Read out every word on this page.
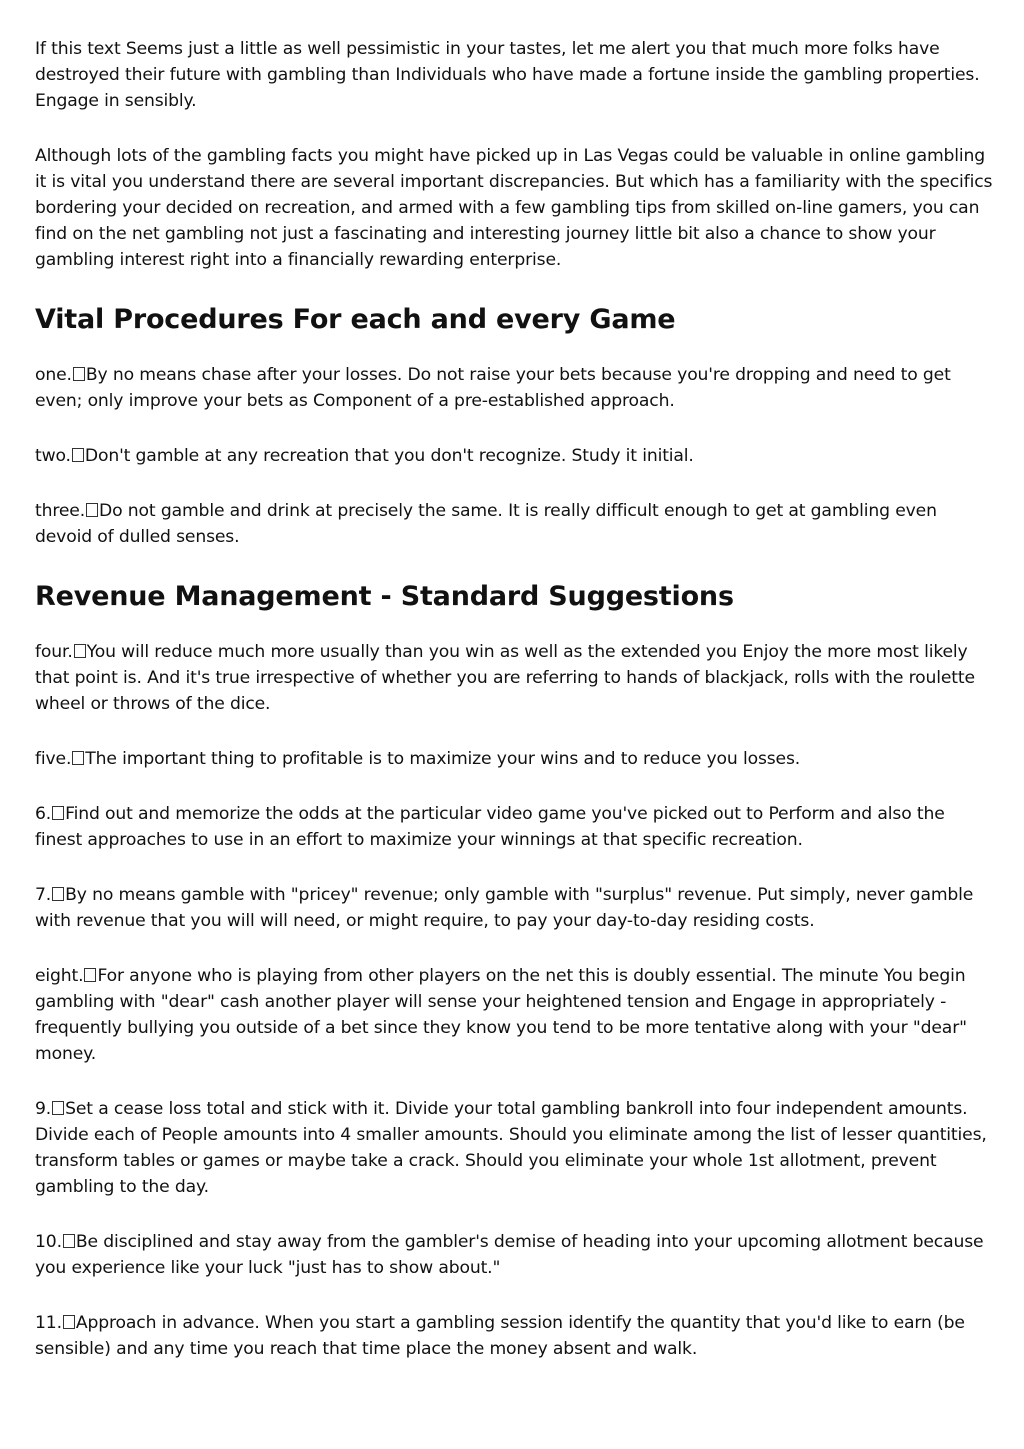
If this text Seems just a little as well pessimistic in your tastes, let me alert you that much more folks have destroyed their future with gambling than Individuals who have made a fortune inside the gambling properties. Engage in sensibly.

Although lots of the gambling facts you might have picked up in Las Vegas could be valuable in online gambling it is vital you understand there are several important discrepancies. But which has a familiarity with the specifics bordering your decided on recreation, and armed with a few gambling tips from skilled on-line gamers, you can find on the net gambling not just a fascinating and interesting journey little bit also a chance to show your gambling interest right into a financially rewarding enterprise.

Vital Procedures For each and every Game

one. By no means chase after your losses. Do not raise your bets because you're dropping and need to get even; only improve your bets as Component of a pre-established approach.

two. Don't gamble at any recreation that you don't recognize. Study it initial.

three. Do not gamble and drink at precisely the same. It is really difficult enough to get at gambling even devoid of dulled senses.

Revenue Management - Standard Suggestions

four. You will reduce much more usually than you win as well as the extended you Enjoy the more most likely that point is. And it's true irrespective of whether you are referring to hands of blackjack, rolls with the roulette wheel or throws of the dice.

five. The important thing to profitable is to maximize your wins and to reduce you losses.

6. Find out and memorize the odds at the particular video game you've picked out to Perform and also the finest approaches to use in an effort to maximize your winnings at that specific recreation.

7. By no means gamble with "pricey" revenue; only gamble with "surplus" revenue. Put simply, never gamble with revenue that you will will need, or might require, to pay your day-to-day residing costs.

eight. For anyone who is playing from other players on the net this is doubly essential. The minute You begin gambling with "dear" cash another player will sense your heightened tension and Engage in appropriately - frequently bullying you outside of a bet since they know you tend to be more tentative along with your "dear" money.

9. Set a cease loss total and stick with it. Divide your total gambling bankroll into four independent amounts. Divide each of People amounts into 4 smaller amounts. Should you eliminate among the list of lesser quantities, transform tables or games or maybe take a crack. Should you eliminate your whole 1st allotment, prevent gambling to the day.

10. Be disciplined and stay away from the gambler's demise of heading into your upcoming allotment because you experience like your luck "just has to show about."

11. Approach in advance. When you start a gambling session identify the quantity that you'd like to earn (be sensible) and any time you reach that time place the money absent and walk.
